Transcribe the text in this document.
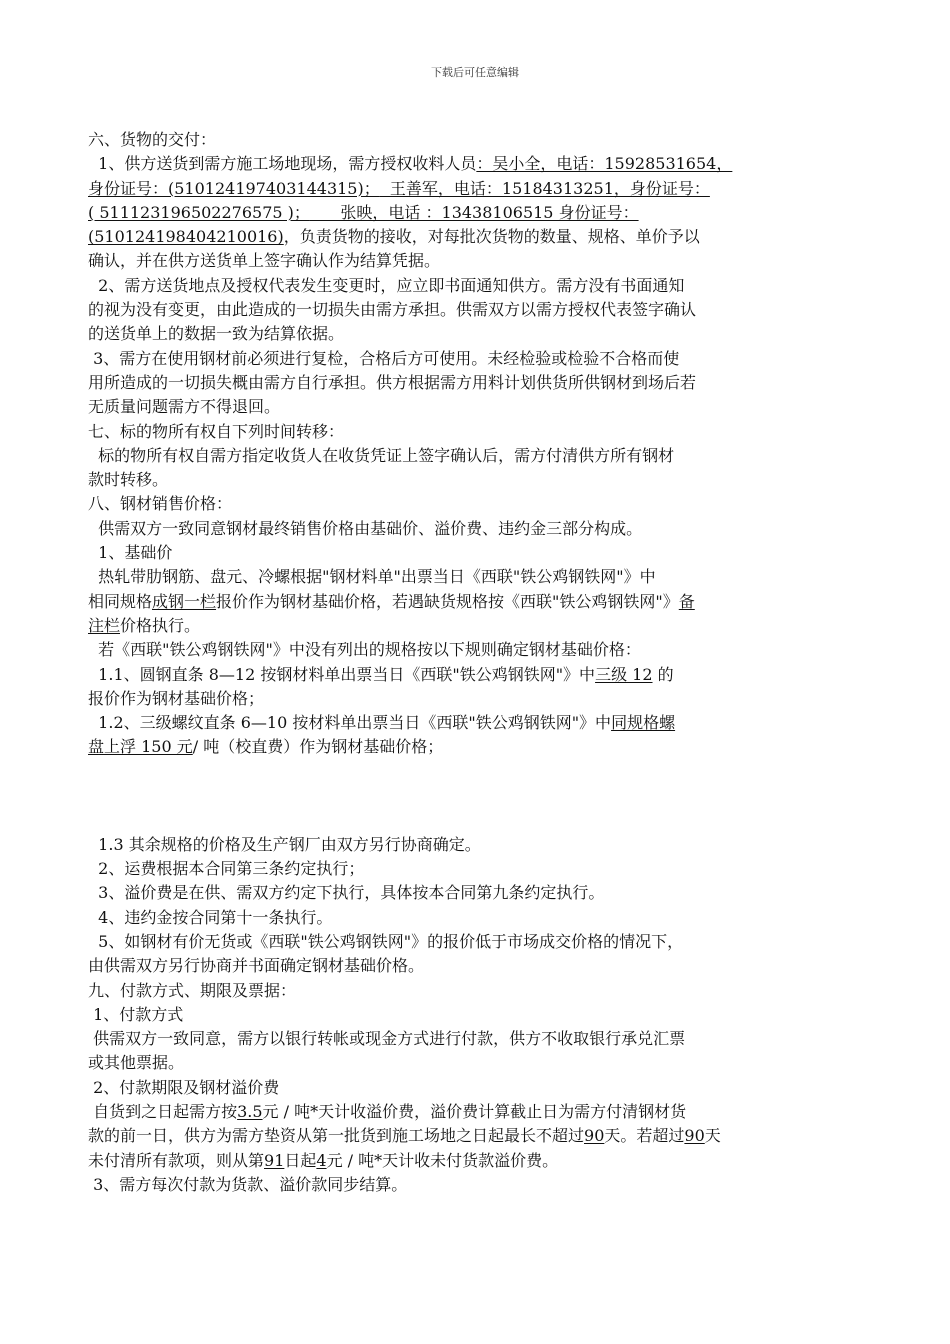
下载后可任意编辑
六、货物的交付：
1、供方送货到需方施工场地现场，需方授权收料人员：吴小全，电话：15928531654，
身份证号：(510124197403144315)；  王善军，电话：15184313251，身份证号：
( 511123196502276575 )；      张映，电话 ：13438106515 身份证号：
(510124198404210016)，负责货物的接收，对每批次货物的数量、规格、单价予以
确认，并在供方送货单上签字确认作为结算凭据。
2、需方送货地点及授权代表发生变更时，应立即书面通知供方。需方没有书面通知
的视为没有变更，由此造成的一切损失由需方承担。供需双方以需方授权代表签字确认
的送货单上的数据一致为结算依据。
3、需方在使用钢材前必须进行复检，合格后方可使用。未经检验或检验不合格而使
用所造成的一切损失概由需方自行承担。供方根据需方用料计划供货所供钢材到场后若
无质量问题需方不得退回。
七、标的物所有权自下列时间转移：
标的物所有权自需方指定收货人在收货凭证上签字确认后，需方付清供方所有钢材
款时转移。
八、钢材销售价格：
供需双方一致同意钢材最终销售价格由基础价、溢价费、违约金三部分构成。
1、基础价
热轧带肋钢筋、盘元、冷螺根据"钢材料单"出票当日《西联"铁公鸡钢铁网"》中
相同规格成钢一栏报价作为钢材基础价格，若遇缺货规格按《西联"铁公鸡钢铁网"》备
注栏价格执行。
若《西联"铁公鸡钢铁网"》中没有列出的规格按以下规则确定钢材基础价格：
1.1、圆钢直条 8—12 按钢材料单出票当日《西联"铁公鸡钢铁网"》中三级 12 的
报价作为钢材基础价格；
1.2、三级螺纹直条 6—10 按材料单出票当日《西联"铁公鸡钢铁网"》中同规格螺
盘上浮 150 元/ 吨（校直费）作为钢材基础价格；
1.3 其余规格的价格及生产钢厂由双方另行协商确定。
2、运费根据本合同第三条约定执行；
3、溢价费是在供、需双方约定下执行，具体按本合同第九条约定执行。
4、违约金按合同第十一条执行。
5、如钢材有价无货或《西联"铁公鸡钢铁网"》的报价低于市场成交价格的情况下，
由供需双方另行协商并书面确定钢材基础价格。
九、付款方式、期限及票据：
1、付款方式
供需双方一致同意，需方以银行转帐或现金方式进行付款，供方不收取银行承兑汇票
或其他票据。
2、付款期限及钢材溢价费
自货到之日起需方按3.5元 / 吨*天计收溢价费，溢价费计算截止日为需方付清钢材货
款的前一日，供方为需方垫资从第一批货到施工场地之日起最长不超过90天。若超过90天
未付清所有款项，则从第91日起4元 / 吨*天计收未付货款溢价费。
3、需方每次付款为货款、溢价款同步结算。
